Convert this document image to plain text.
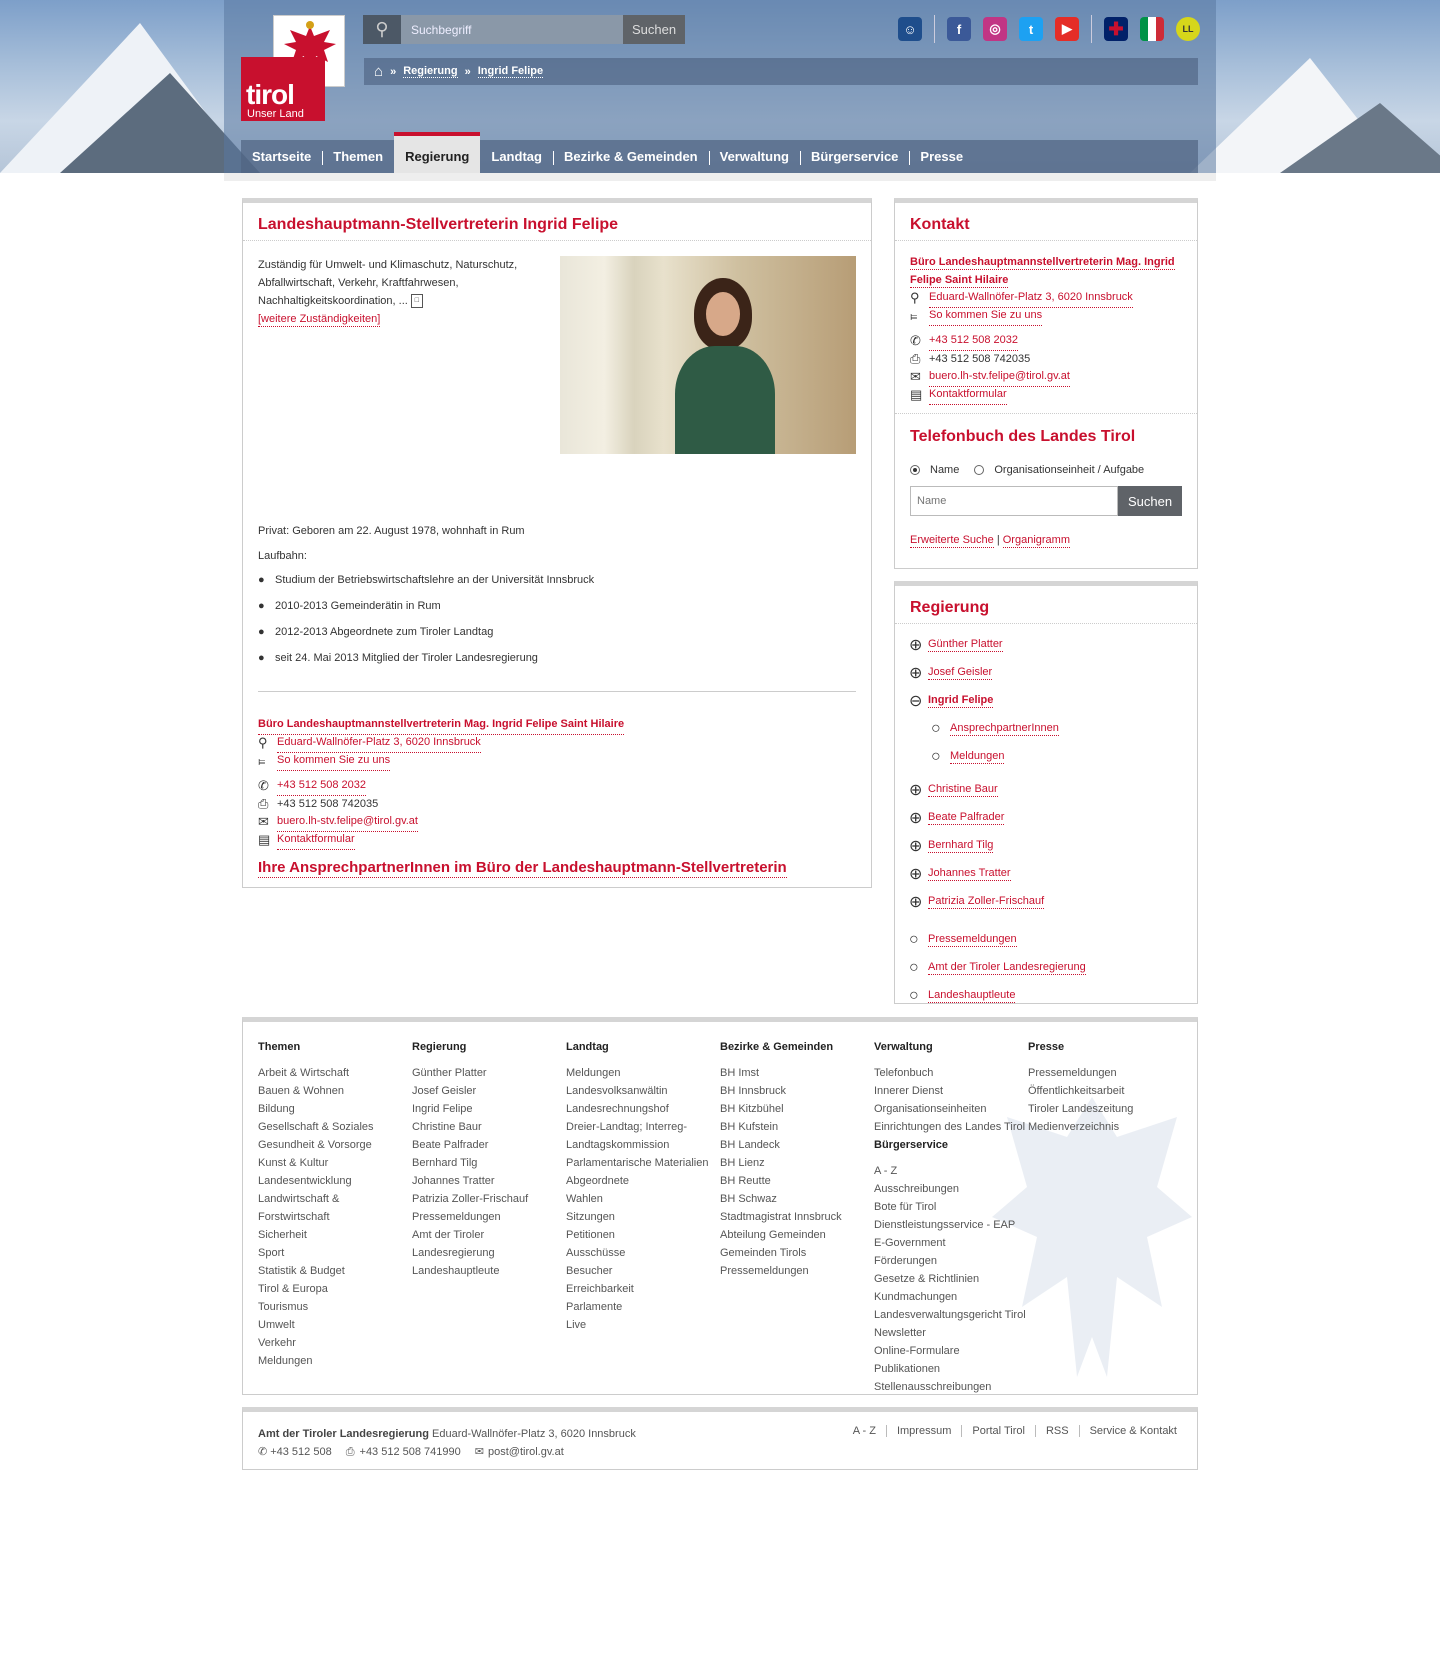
tirol
Unser Land
⚲
Suchbegriff	Suchen	☺	f	◎	t	▶	✚	LL
⌂ » Regierung » Ingrid Felipe
Startseite	Themen	Regierung	Landtag	Bezirke & Gemeinden	Verwaltung	Bürgerservice	Presse
Landeshauptmann-Stellvertreterin Ingrid Felipe
Zuständig für Umwelt- und Klimaschutz, Naturschutz, Abfallwirtschaft, Verkehr, Kraftfahrwesen, Nachhaltigkeitskoordination, ... □
[weitere Zuständigkeiten]

Privat: Geboren am 22. August 1978, wohnhaft in Rum

Laufbahn:

● Studium der Betriebswirtschaftslehre an der Universität Innsbruck
● 2010-2013 Gemeinderätin in Rum
● 2012-2013 Abgeordnete zum Tiroler Landtag
● seit 24. Mai 2013 Mitglied der Tiroler Landesregierung
Büro Landeshauptmannstellvertreterin Mag. Ingrid Felipe Saint Hilaire
⚲ Eduard-Wallnöfer-Platz 3, 6020 Innsbruck
⫢	So kommen Sie zu uns
✆ +43 512 508 2032
⎙ +43 512 508 742035
✉ buero.lh-stv.felipe@tirol.gv.at
▤ Kontaktformular
Ihre AnsprechpartnerInnen im Büro der Landeshauptmann-Stellvertreterin
Kontakt
Büro Landeshauptmannstellvertreterin Mag. Ingrid Felipe Saint Hilaire
⚲ Eduard-Wallnöfer-Platz 3, 6020 Innsbruck
⫢	So kommen Sie zu uns
✆ +43 512 508 2032
⎙ +43 512 508 742035
✉ buero.lh-stv.felipe@tirol.gv.at
▤ Kontaktformular
Telefonbuch des Landes Tirol
Name	Organisationseinheit / Aufgabe
Name
Suchen
Erweiterte Suche | Organigramm
Regierung
⊕ Günther Platter
⊕ Josef Geisler
⊖ Ingrid Felipe
○ AnsprechpartnerInnen
○ Meldungen
⊕ Christine Baur
⊕ Beate Palfrader
⊕ Bernhard Tilg
⊕ Johannes Tratter
⊕ Patrizia Zoller-Frischauf
○ Pressemeldungen
○ Amt der Tiroler Landesregierung
○ Landeshauptleute
Themen
Arbeit & Wirtschaft
Bauen & Wohnen
Bildung
Gesellschaft & Soziales
Gesundheit & Vorsorge
Kunst & Kultur
Landesentwicklung
Landwirtschaft &
Forstwirtschaft
Sicherheit
Sport
Statistik & Budget
Tirol & Europa
Tourismus
Umwelt
Verkehr
Meldungen
Regierung
Günther Platter
Josef Geisler
Ingrid Felipe
Christine Baur
Beate Palfrader
Bernhard Tilg
Johannes Tratter
Patrizia Zoller-Frischauf
Pressemeldungen
Amt der Tiroler
Landesregierung
Landeshauptleute
Landtag
Meldungen
Landesvolksanwältin
Landesrechnungshof
Dreier-Landtag; Interreg-
Landtagskommission
Parlamentarische Materialien
Abgeordnete
Wahlen
Sitzungen
Petitionen
Ausschüsse
Besucher
Erreichbarkeit
Parlamente
Live
Bezirke & Gemeinden
BH Imst
BH Innsbruck
BH Kitzbühel
BH Kufstein
BH Landeck
BH Lienz
BH Reutte
BH Schwaz
Stadtmagistrat Innsbruck
Abteilung Gemeinden
Gemeinden Tirols
Pressemeldungen
Verwaltung
Telefonbuch
Innerer Dienst
Organisationseinheiten
Einrichtungen des Landes Tirol
Bürgerservice
A - Z
Ausschreibungen
Bote für Tirol
Dienstleistungsservice - EAP
E-Government
Förderungen
Gesetze & Richtlinien
Kundmachungen
Landesverwaltungsgericht Tirol
Newsletter
Online-Formulare
Publikationen
Stellenausschreibungen
Presse
Pressemeldungen
Öffentlichkeitsarbeit
Tiroler Landeszeitung
Medienverzeichnis
Amt der Tiroler Landesregierung Eduard-Wallnöfer-Platz 3, 6020 Innsbruck
✆ +43 512 508 ⎙ +43 512 508 741990 ✉ post@tirol.gv.at
A - Z	Impressum	Portal Tirol	RSS	Service & Kontakt
